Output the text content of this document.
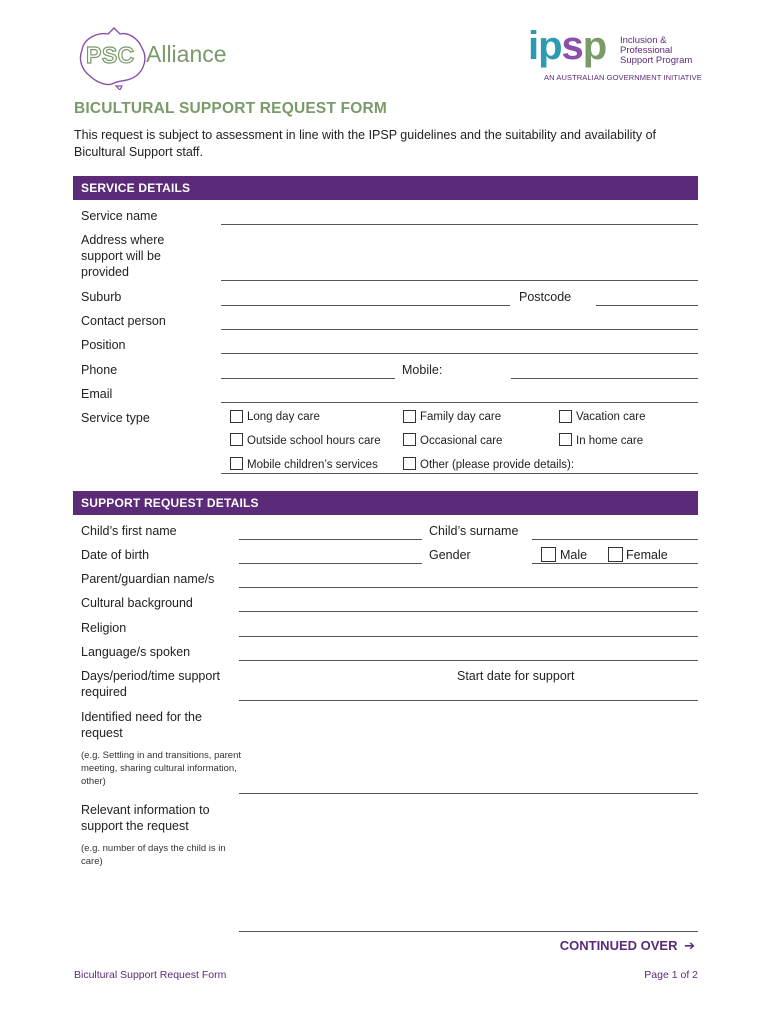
PSC Alliance	ipsp Inclusion &
Professional
Support Program
AN AUSTRALIAN GOVERNMENT INITIATIVE
BICULTURAL SUPPORT REQUEST FORM
This request is subject to assessment in line with the IPSP guidelines and the suitability and availability of Bicultural Support staff.
SERVICE DETAILS
Service name
Address where support will be provided
Suburb	Postcode
Contact person
Position
Phone	Mobile:
Email
Service type	Long day care	Family day care	Vacation care
Outside school hours care	Occasional care	In home care
Mobile children’s services	Other (please provide details):
SUPPORT REQUEST DETAILS
Child’s first name	Child’s surname
Date of birth	Gender	Male	Female
Parent/guardian name/s
Cultural background
Religion
Language/s spoken
Days/period/time support required
Start date for support
Identified need for the request
(e.g. Settling in and transitions, parent meeting, sharing cultural information, other)
Relevant information to support the request
(e.g. number of days the child is in care)
CONTINUED OVER ➔
Bicultural Support Request Form	Page 1 of 2
